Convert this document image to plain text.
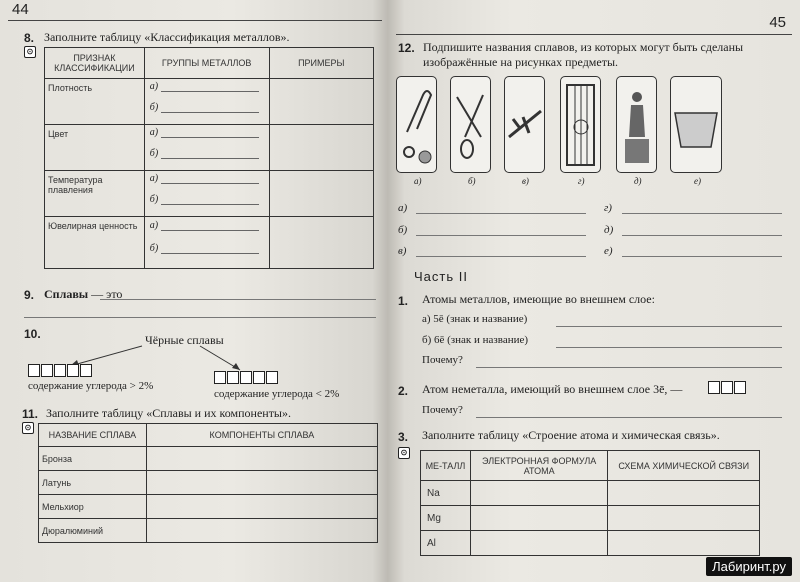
44
8. Заполните таблицу «Классификация металлов».
⊙
ПРИЗНАК КЛАССИФИКАЦИИ	ГРУППЫ МЕТАЛЛОВ	ПРИМЕРЫ
Плотность	а)
б)	

Цвет	а)
б)	

Температура плавления	а)
б)	

Ювелирная ценность	а)
б)	

9. Сплавы — это
10.	Чёрные сплавы
содержание углерода > 2%
содержание углерода < 2%
11. Заполните таблицу «Сплавы и их компоненты».
⊙
НАЗВАНИЕ СПЛАВА	КОМПОНЕНТЫ СПЛАВА
Бронза	
Латунь	
Мельхиор	
Дюралюминий	
45
12. Подпишите названия сплавов, из которых могут быть сделаны изображённые на рисунках предметы.
а)	б)	в)	г)	д)	е)
а)	г)
б)	д)
в)	е)
Часть II
1. Атомы металлов, имеющие во внешнем слое:
а) 5ē (знак и название)
б) 6ē (знак и название)
Почему?
2. Атом неметалла, имеющий во внешнем слое 3ē, —
Почему?
3. Заполните таблицу «Строение атома и химическая связь».
⊙
МЕ-ТАЛЛ	ЭЛЕКТРОННАЯ ФОРМУЛА АТОМА	СХЕМА ХИМИЧЕСКОЙ СВЯЗИ
Na		
Mg		
Al		
Лабиринт.ру
